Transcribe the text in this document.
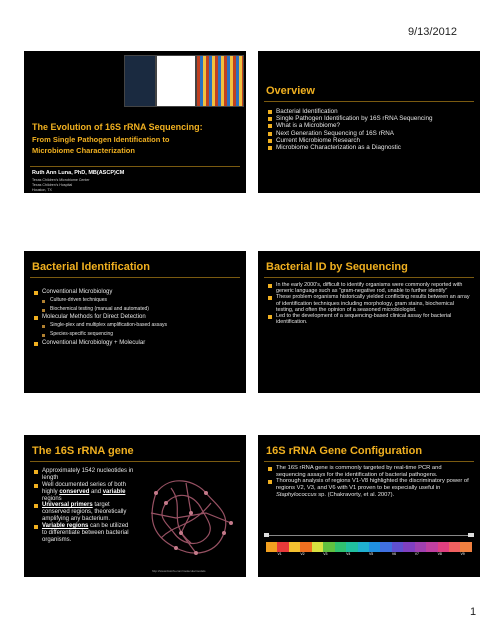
9/13/2012
The Evolution of 16S rRNA Sequencing:
From Single Pathogen Identification to
Microbiome Characterization
Ruth Ann Luna, PhD, MB(ASCP)CM
Texas Children's Microbiome Center
Texas Children's Hospital
Houston, TX
Overview
Bacterial Identification
Single Pathogen Identification by 16S rRNA Sequencing
What is a Microbiome?
Next Generation Sequencing of 16S rRNA
Current Microbiome Research
Microbiome Characterization as a Diagnostic
Bacterial Identification
Conventional Microbiology
Culture-driven techniques
Biochemical testing (manual and automated)
Molecular Methods for Direct Detection
Single-plex and multiplex amplification-based assays
Species-specific sequencing
Conventional Microbiology + Molecular
Bacterial ID by Sequencing
In the early 2000's, difficult to identify organisms were commonly reported with generic language such as "gram-negative rod, unable to further identify"
These problem organisms historically yielded conflicting results between an array of identification techniques including morphology, gram stains, biochemical testing, and often the opinion of a seasoned microbiologist.
Led to the development of a sequencing-based clinical assay for bacterial identification.
The 16S rRNA gene
Approximately 1542 nucleotides in length
Well documented series of both highly conserved and variable regions
Universal primers target conserved regions, theoretically amplifying any bacterium.
Variable regions can be utilized to differentiate between bacterial organisms.
http://www.bioinfo.com/molecularmodels
16S rRNA Gene Configuration
The 16S rRNA gene is commonly targeted by real-time PCR and sequencing assays for the identification of bacterial pathogens.
Thorough analysis of regions V1-V8 highlighted the discriminatory power of regions V2, V3, and V6 with V1 proven to be especially useful in Staphylococcus sp. (Chakravorty, et al. 2007).
V1	V2	V3	V4	V5	V6	V7	V8	V9
1
